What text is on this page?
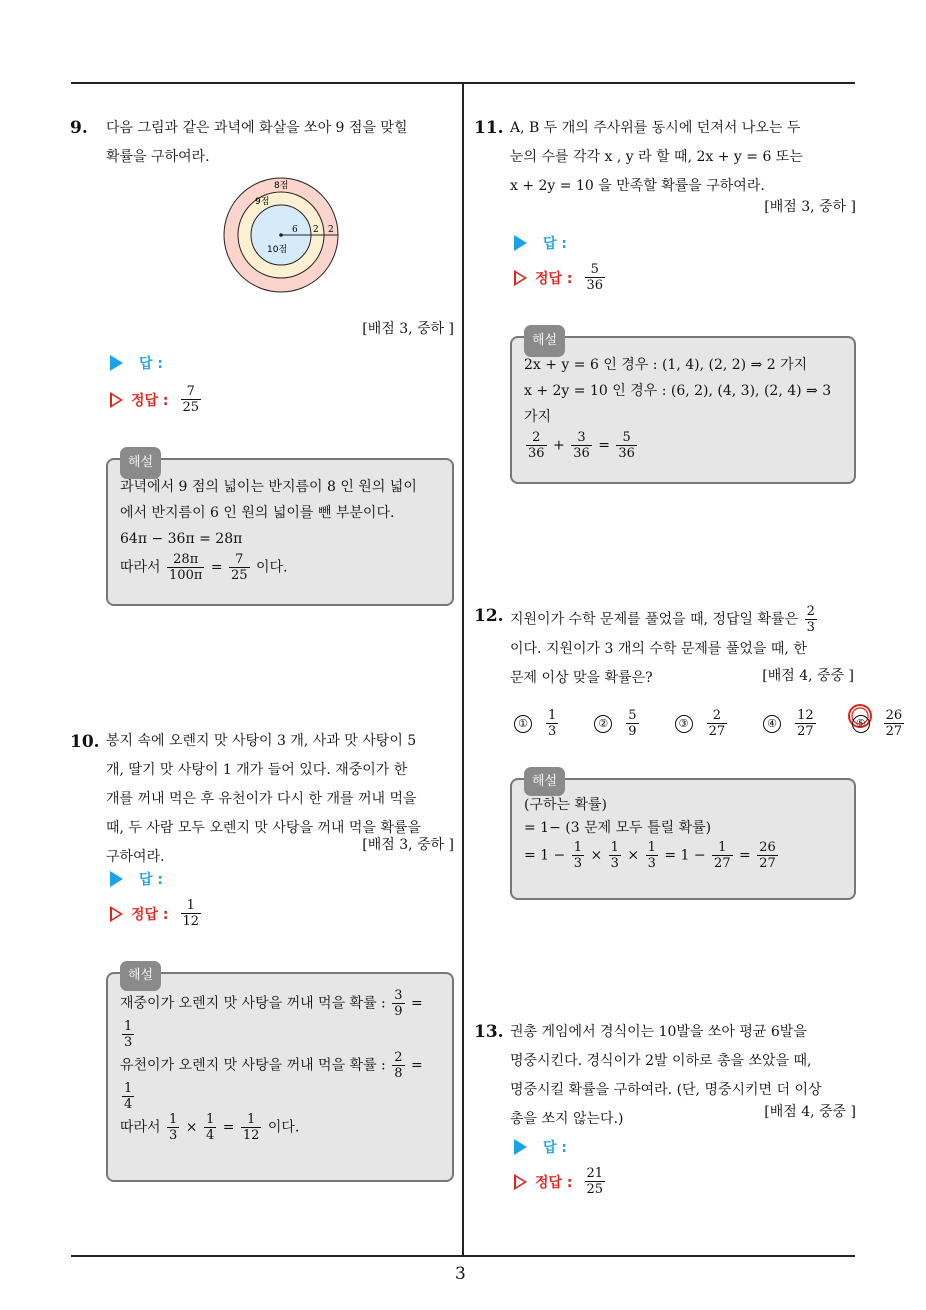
3
9. 다음 그림과 같은 과녁에 화살을 쏘아 9 점을 맞힐
확률을 구하여라.
8점
9점
10점
6 2 2
[배점 3, 중하 ]
답 :
정답 : $\frac{7}{25}$
해설
과녁에서 9 점의 넓이는 반지름이 8 인 원의 넓이
에서 반지름이 6 인 원의 넓이를 뺀 부분이다.
64π − 36π = 28π
따라서 $\frac{28\pi}{100\pi} = \frac{7}{25}$ 이다.
10. 봉지 속에 오렌지 맛 사탕이 3 개, 사과 맛 사탕이 5
개, 딸기 맛 사탕이 1 개가 들어 있다. 재중이가 한
개를 꺼내 먹은 후 유천이가 다시 한 개를 꺼내 먹을
때, 두 사람 모두 오렌지 맛 사탕을 꺼내 먹을 확률을
구하여라.
[배점 3, 중하 ]
답 :
정답 : $\frac{1}{12}$
해설
재중이가 오렌지 맛 사탕을 꺼내 먹을 확률 : $\frac{3}{9}$ =
$\frac{1}{3}$
유천이가 오렌지 맛 사탕을 꺼내 먹을 확률 : $\frac{2}{8}$ =
$\frac{1}{4}$
따라서 $\frac{1}{3} \times \frac{1}{4} = \frac{1}{12}$ 이다.
11. A, B 두 개의 주사위를 동시에 던져서 나오는 두
눈의 수를 각각 x , y 라 할 때, 2x + y = 6 또는
x + 2y = 10 을 만족할 확률을 구하여라.
[배점 3, 중하 ]
답 :
정답 : $\frac{5}{36}$
해설
2x + y = 6 인 경우 : (1, 4), (2, 2) ⇒ 2 가지
x + 2y = 10 인 경우 : (6, 2), (4, 3), (2, 4) ⇒ 3
가지
$\frac{2}{36} + \frac{3}{36} = \frac{5}{36}$
12. 지원이가 수학 문제를 풀었을 때, 정답일 확률은 $\frac{2}{3}$
이다. 지원이가 3 개의 수학 문제를 풀었을 때, 한
문제 이상 맞을 확률은?	[배점 4, 중중 ]
①	$\frac{1}{3}$	②	$\frac{5}{9}$	③	$\frac{2}{27}$	④	$\frac{12}{27}$	⑤	$\frac{26}{27}$
해설
(구하는 확률)
= 1− (3 문제 모두 틀릴 확률)
= $1 - \frac{1}{3} \times \frac{1}{3} \times \frac{1}{3} = 1 - \frac{1}{27} = \frac{26}{27}$
13. 권총 게임에서 경식이는 10발을 쏘아 평균 6발을
명중시킨다. 경식이가 2발 이하로 총을 쏘았을 때,
명중시킬 확률을 구하여라. (단, 명중시키면 더 이상
총을 쏘지 않는다.)	[배점 4, 중중 ]
답 :
정답 : $\frac{21}{25}$
